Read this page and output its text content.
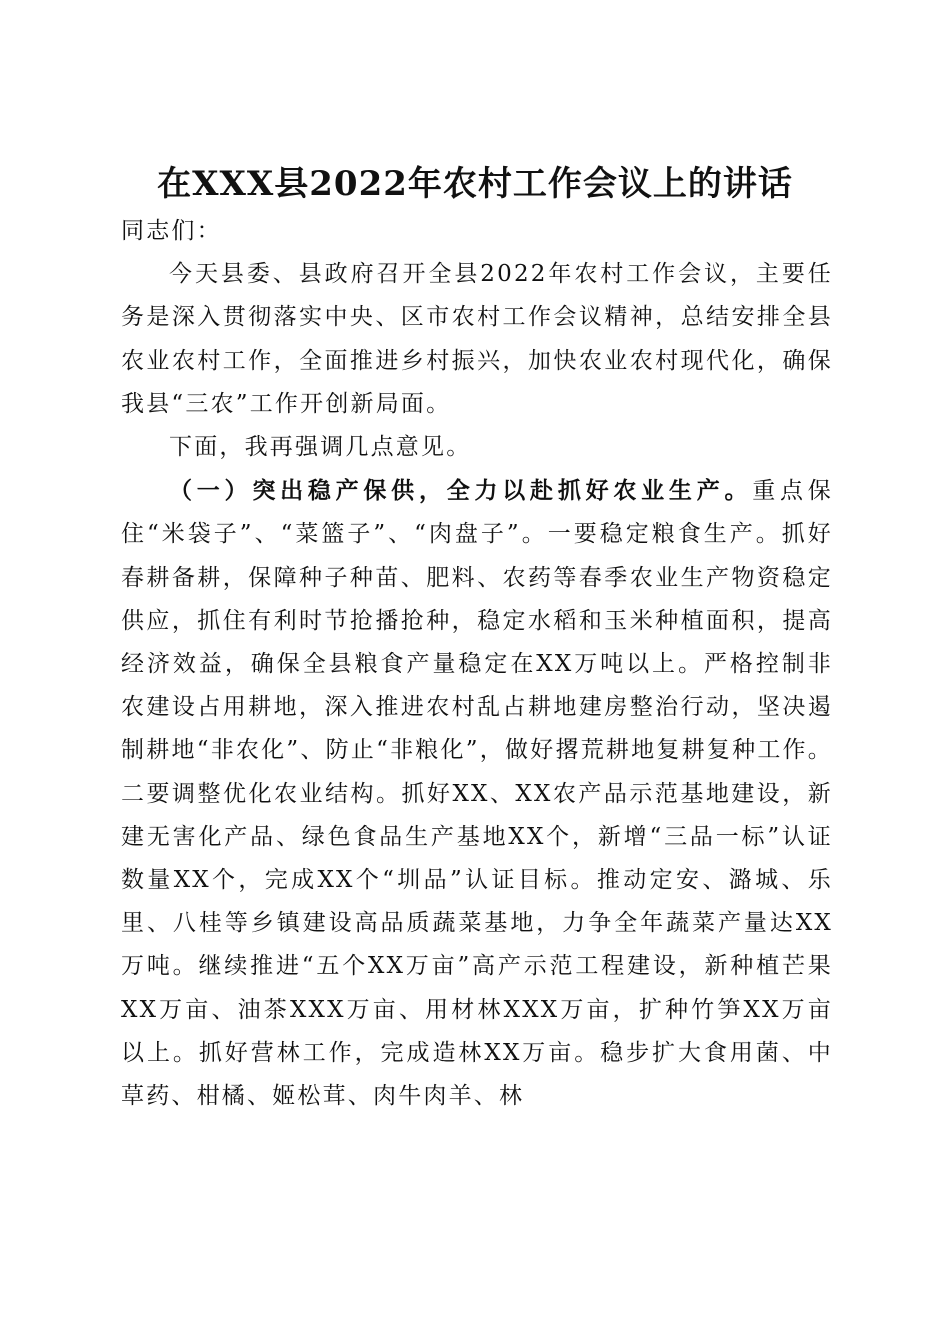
在XXX县2022年农村工作会议上的讲话

同志们：

今天县委、县政府召开全县2022年农村工作会议，主要任务是深入贯彻落实中央、区市农村工作会议精神，总结安排全县农业农村工作，全面推进乡村振兴，加快农业农村现代化，确保我县“三农”工作开创新局面。

下面，我再强调几点意见。

（一）突出稳产保供，全力以赴抓好农业生产。重点保住“米袋子”、“菜篮子”、“肉盘子”。一要稳定粮食生产。抓好春耕备耕，保障种子种苗、肥料、农药等春季农业生产物资稳定供应，抓住有利时节抢播抢种，稳定水稻和玉米种植面积，提高经济效益，确保全县粮食产量稳定在XX万吨以上。严格控制非农建设占用耕地，深入推进农村乱占耕地建房整治行动，坚决遏制耕地“非农化”、防止“非粮化”，做好撂荒耕地复耕复种工作。二要调整优化农业结构。抓好XX、XX农产品示范基地建设，新建无害化产品、绿色食品生产基地XX个，新增“三品一标”认证数量XX个，完成XX个“圳品”认证目标。推动定安、潞城、乐里、八桂等乡镇建设高品质蔬菜基地，力争全年蔬菜产量达XX万吨。继续推进“五个XX万亩”高产示范工程建设，新种植芒果XX万亩、油茶XXX万亩、用材林XXX万亩，扩种竹笋XX万亩以上。抓好营林工作，完成造林XX万亩。稳步扩大食用菌、中草药、柑橘、姬松茸、肉牛肉羊、林
